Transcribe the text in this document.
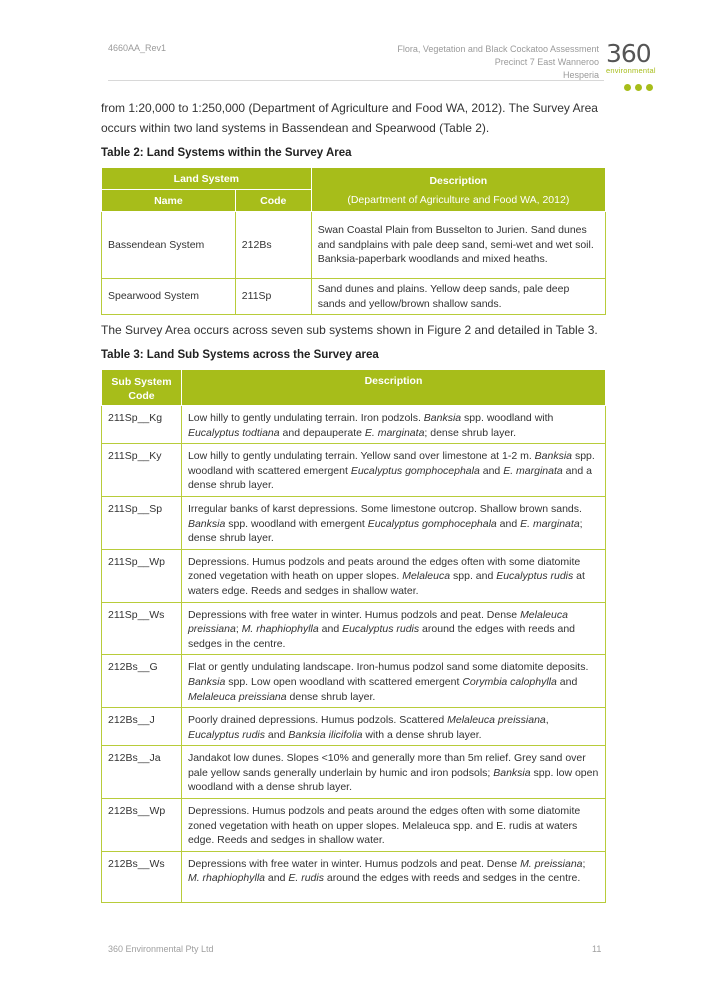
4660AA_Rev1	Flora, Vegetation and Black Cockatoo Assessment
Precinct 7 East Wanneroo
Hesperia
360
environmental
from 1:20,000 to 1:250,000 (Department of Agriculture and Food WA, 2012). The Survey Area
occurs within two land systems in Bassendean and Spearwood (Table 2).
Table 2: Land Systems within the Survey Area
Land System		Description
(Department of Agriculture and Food WA, 2012)

Name	Code	
Bassendean System	212Bs	Swan Coastal Plain from Busselton to Jurien. Sand dunes and sandplains with pale deep sand, semi-wet and wet soil. Banksia-paperbark woodlands and mixed heaths.
Spearwood System	211Sp	Sand dunes and plains. Yellow deep sands, pale deep sands and yellow/brown shallow sands.
The Survey Area occurs across seven sub systems shown in Figure 2 and detailed in Table 3.
Table 3: Land Sub Systems across the Survey area
Sub System
Code	Description
211Sp__Kg	Low hilly to gently undulating terrain. Iron podzols. Banksia spp. woodland with Eucalyptus todtiana and depauperate E. marginata; dense shrub layer.
211Sp__Ky	Low hilly to gently undulating terrain. Yellow sand over limestone at 1-2 m. Banksia spp. woodland with scattered emergent Eucalyptus gomphocephala and E. marginata and a dense shrub layer.
211Sp__Sp	Irregular banks of karst depressions. Some limestone outcrop. Shallow brown sands. Banksia spp. woodland with emergent Eucalyptus gomphocephala and E. marginata; dense shrub layer.
211Sp__Wp	Depressions. Humus podzols and peats around the edges often with some diatomite zoned vegetation with heath on upper slopes. Melaleuca spp. and Eucalyptus rudis at waters edge. Reeds and sedges in shallow water.
211Sp__Ws	Depressions with free water in winter. Humus podzols and peat. Dense Melaleuca preissiana; M. rhaphiophylla and Eucalyptus rudis around the edges with reeds and sedges in the centre.
212Bs__G	Flat or gently undulating landscape. Iron-humus podzol sand some diatomite deposits. Banksia spp. Low open woodland with scattered emergent Corymbia calophylla and Melaleuca preissiana dense shrub layer.
212Bs__J	Poorly drained depressions. Humus podzols. Scattered Melaleuca preissiana, Eucalyptus rudis and Banksia ilicifolia with a dense shrub layer.
212Bs__Ja	Jandakot low dunes. Slopes <10% and generally more than 5m relief. Grey sand over pale yellow sands generally underlain by humic and iron podsols; Banksia spp. low open woodland with a dense shrub layer.
212Bs__Wp	Depressions. Humus podzols and peats around the edges often with some diatomite zoned vegetation with heath on upper slopes. Melaleuca spp. and E. rudis at waters edge. Reeds and sedges in shallow water.
212Bs__Ws	Depressions with free water in winter. Humus podzols and peat. Dense M. preissiana; M. rhaphiophylla and E. rudis around the edges with reeds and sedges in the centre.
360 Environmental Pty Ltd	11
